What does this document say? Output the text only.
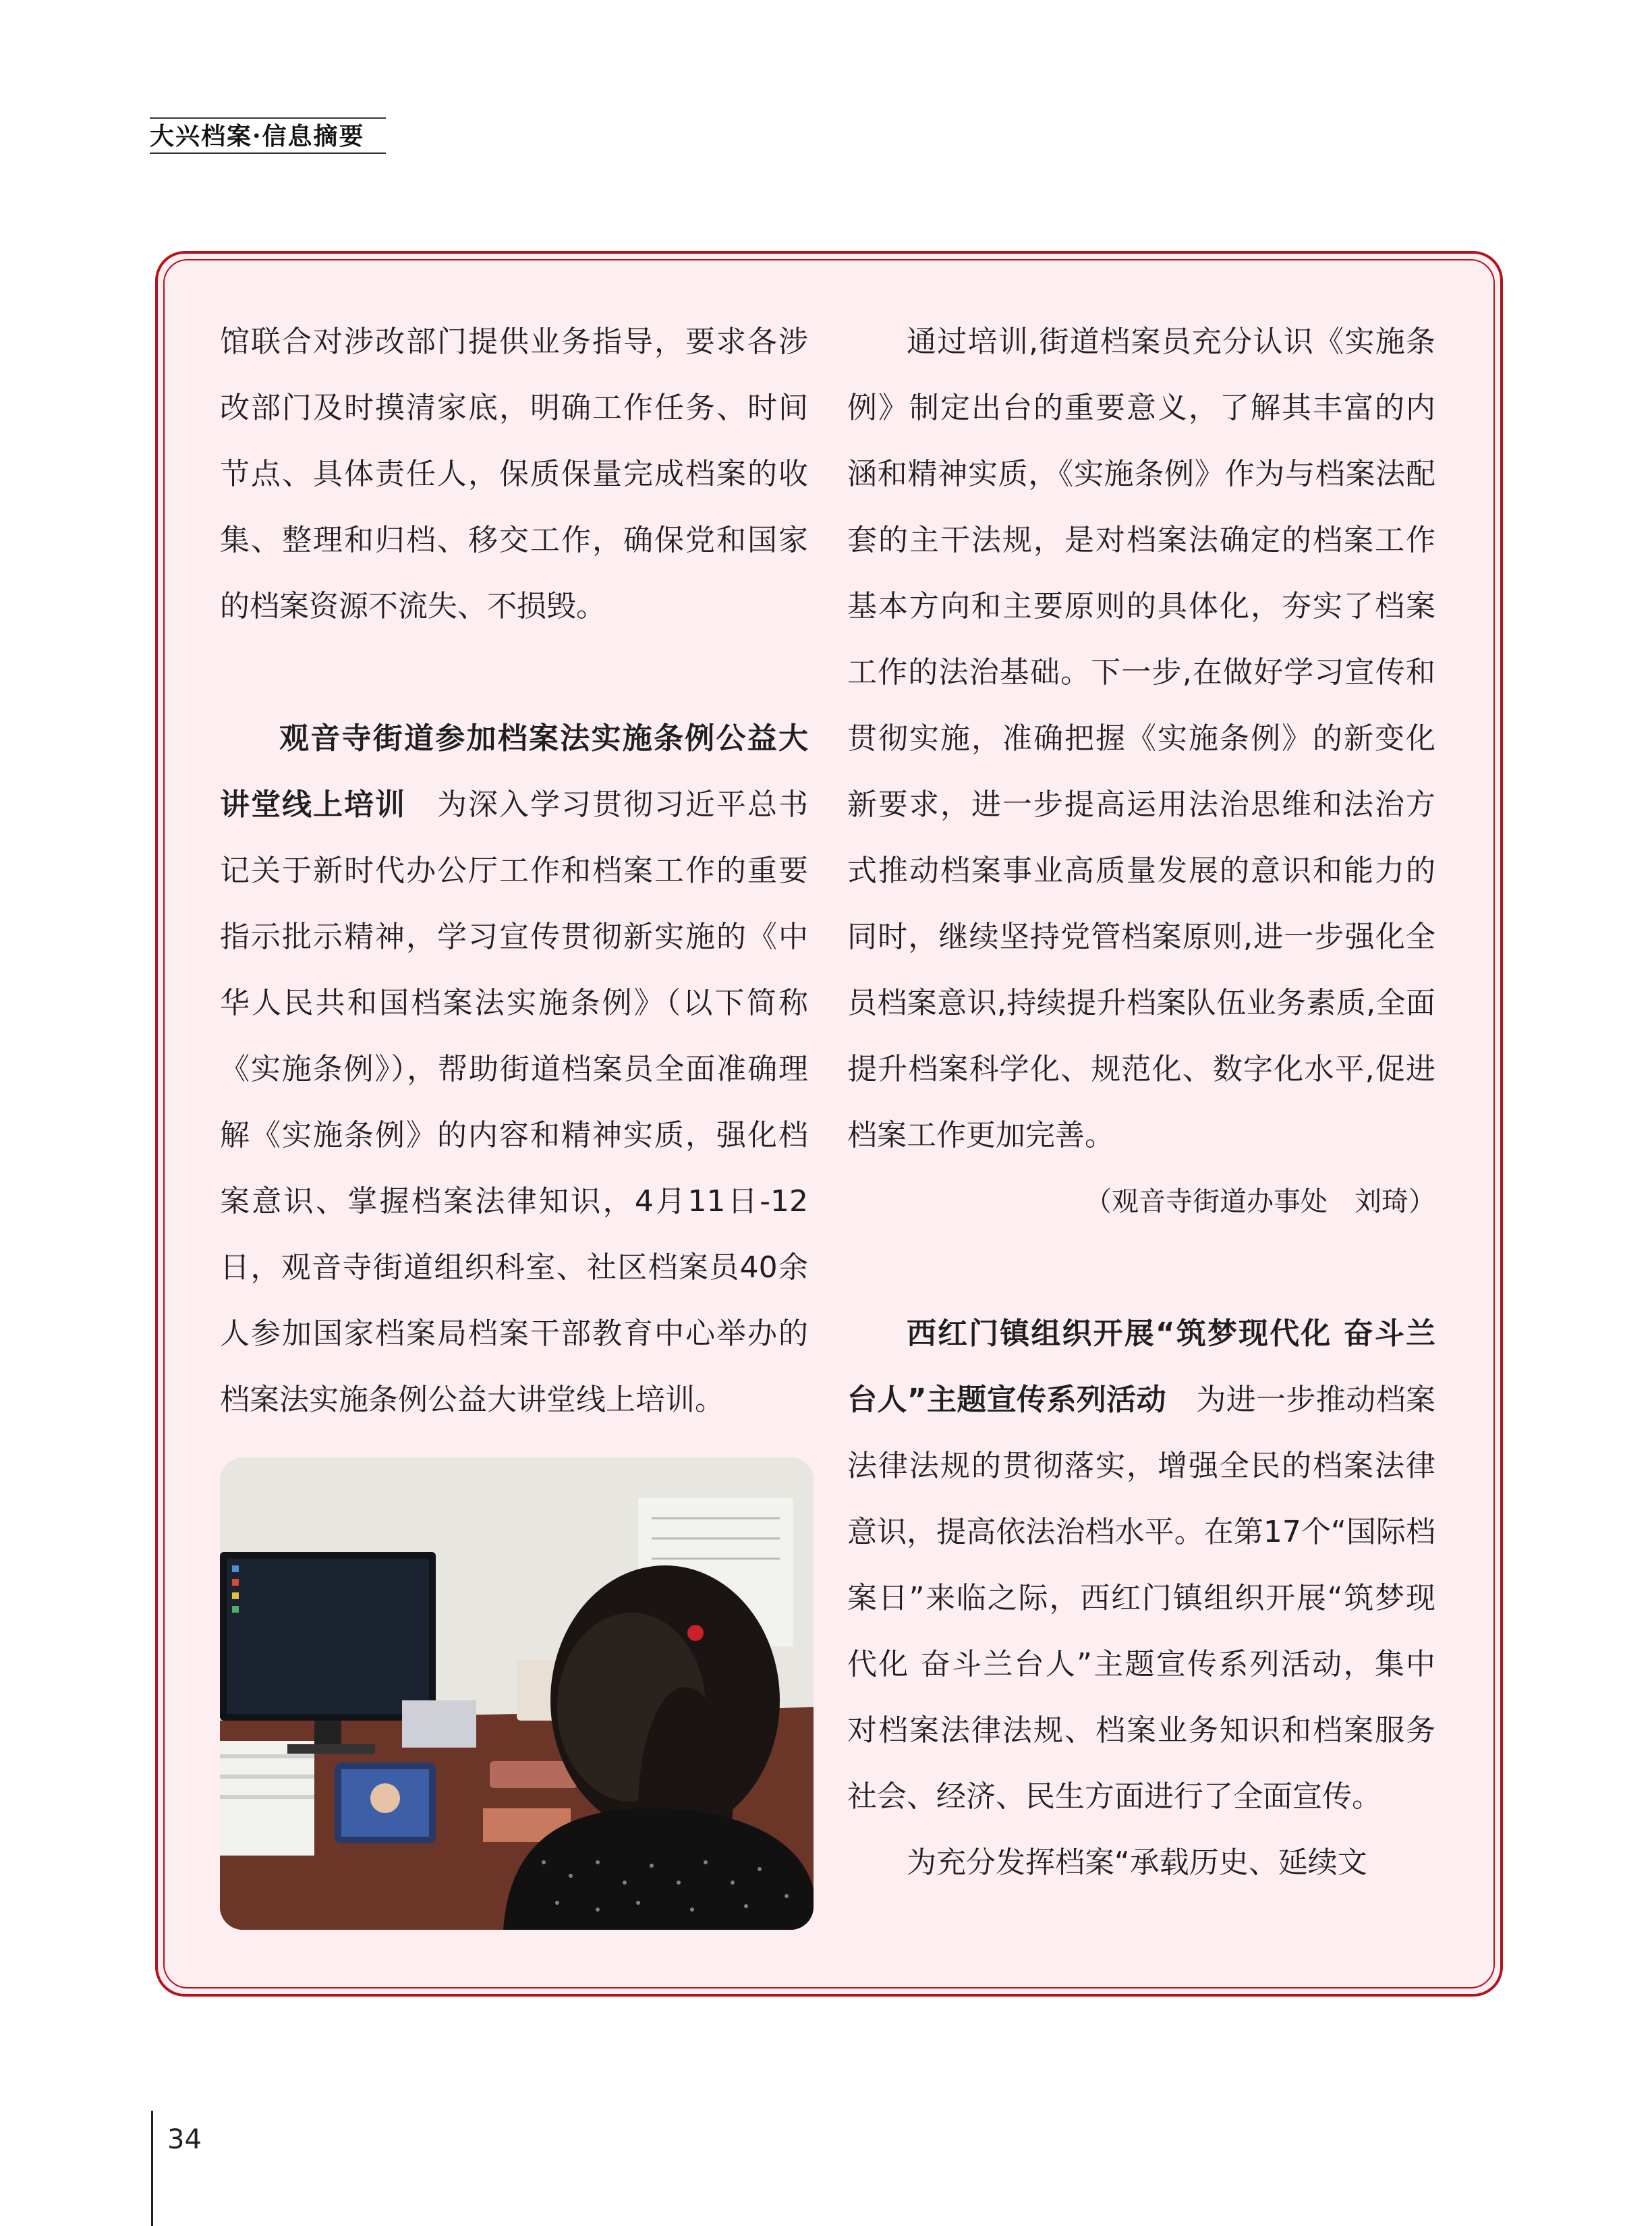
大兴档案·信息摘要

馆联合对涉改部门提供业务指导，要求各涉改部门及时摸清家底，明确工作任务、时间节点、具体责任人，保质保量完成档案的收集、整理和归档、移交工作，确保党和国家的档案资源不流失、不损毁。

观音寺街道参加档案法实施条例公益大讲堂线上培训　 为深入学习贯彻习近平总书记关于新时代办公厅工作和档案工作的重要指示批示精神，学习宣传贯彻新实施的《中华人民共和国档案法实施条例》（以下简称《实施条例》），帮助街道档案员全面准确理解《实施条例》的内容和精神实质，强化档案意识、掌握档案法律知识，4月11日-12日，观音寺街道组织科室、社区档案员40余人参加国家档案局档案干部教育中心举办的档案法实施条例公益大讲堂线上培训。

通过培训,街道档案员充分认识《实施条例》制定出台的重要意义，了解其丰富的内涵和精神实质，《实施条例》作为与档案法配套的主干法规，是对档案法确定的档案工作基本方向和主要原则的具体化，夯实了档案工作的法治基础。下一步,在做好学习宣传和贯彻实施，准确把握《实施条例》的新变化新要求，进一步提高运用法治思维和法治方式推动档案事业高质量发展的意识和能力的同时，继续坚持党管档案原则,进一步强化全员档案意识,持续提升档案队伍业务素质,全面提升档案科学化、规范化、数字化水平,促进档案工作更加完善。

（观音寺街道办事处　刘琦）

西红门镇组织开展“筑梦现代化 奋斗兰台人”主题宣传系列活动　 为进一步推动档案法律法规的贯彻落实，增强全民的档案法律意识，提高依法治档水平。在第17个“国际档案日”来临之际，西红门镇组织开展“筑梦现代化 奋斗兰台人”主题宣传系列活动，集中对档案法律法规、档案业务知识和档案服务社会、经济、民生方面进行了全面宣传。

为充分发挥档案“承载历史、延续文

34
